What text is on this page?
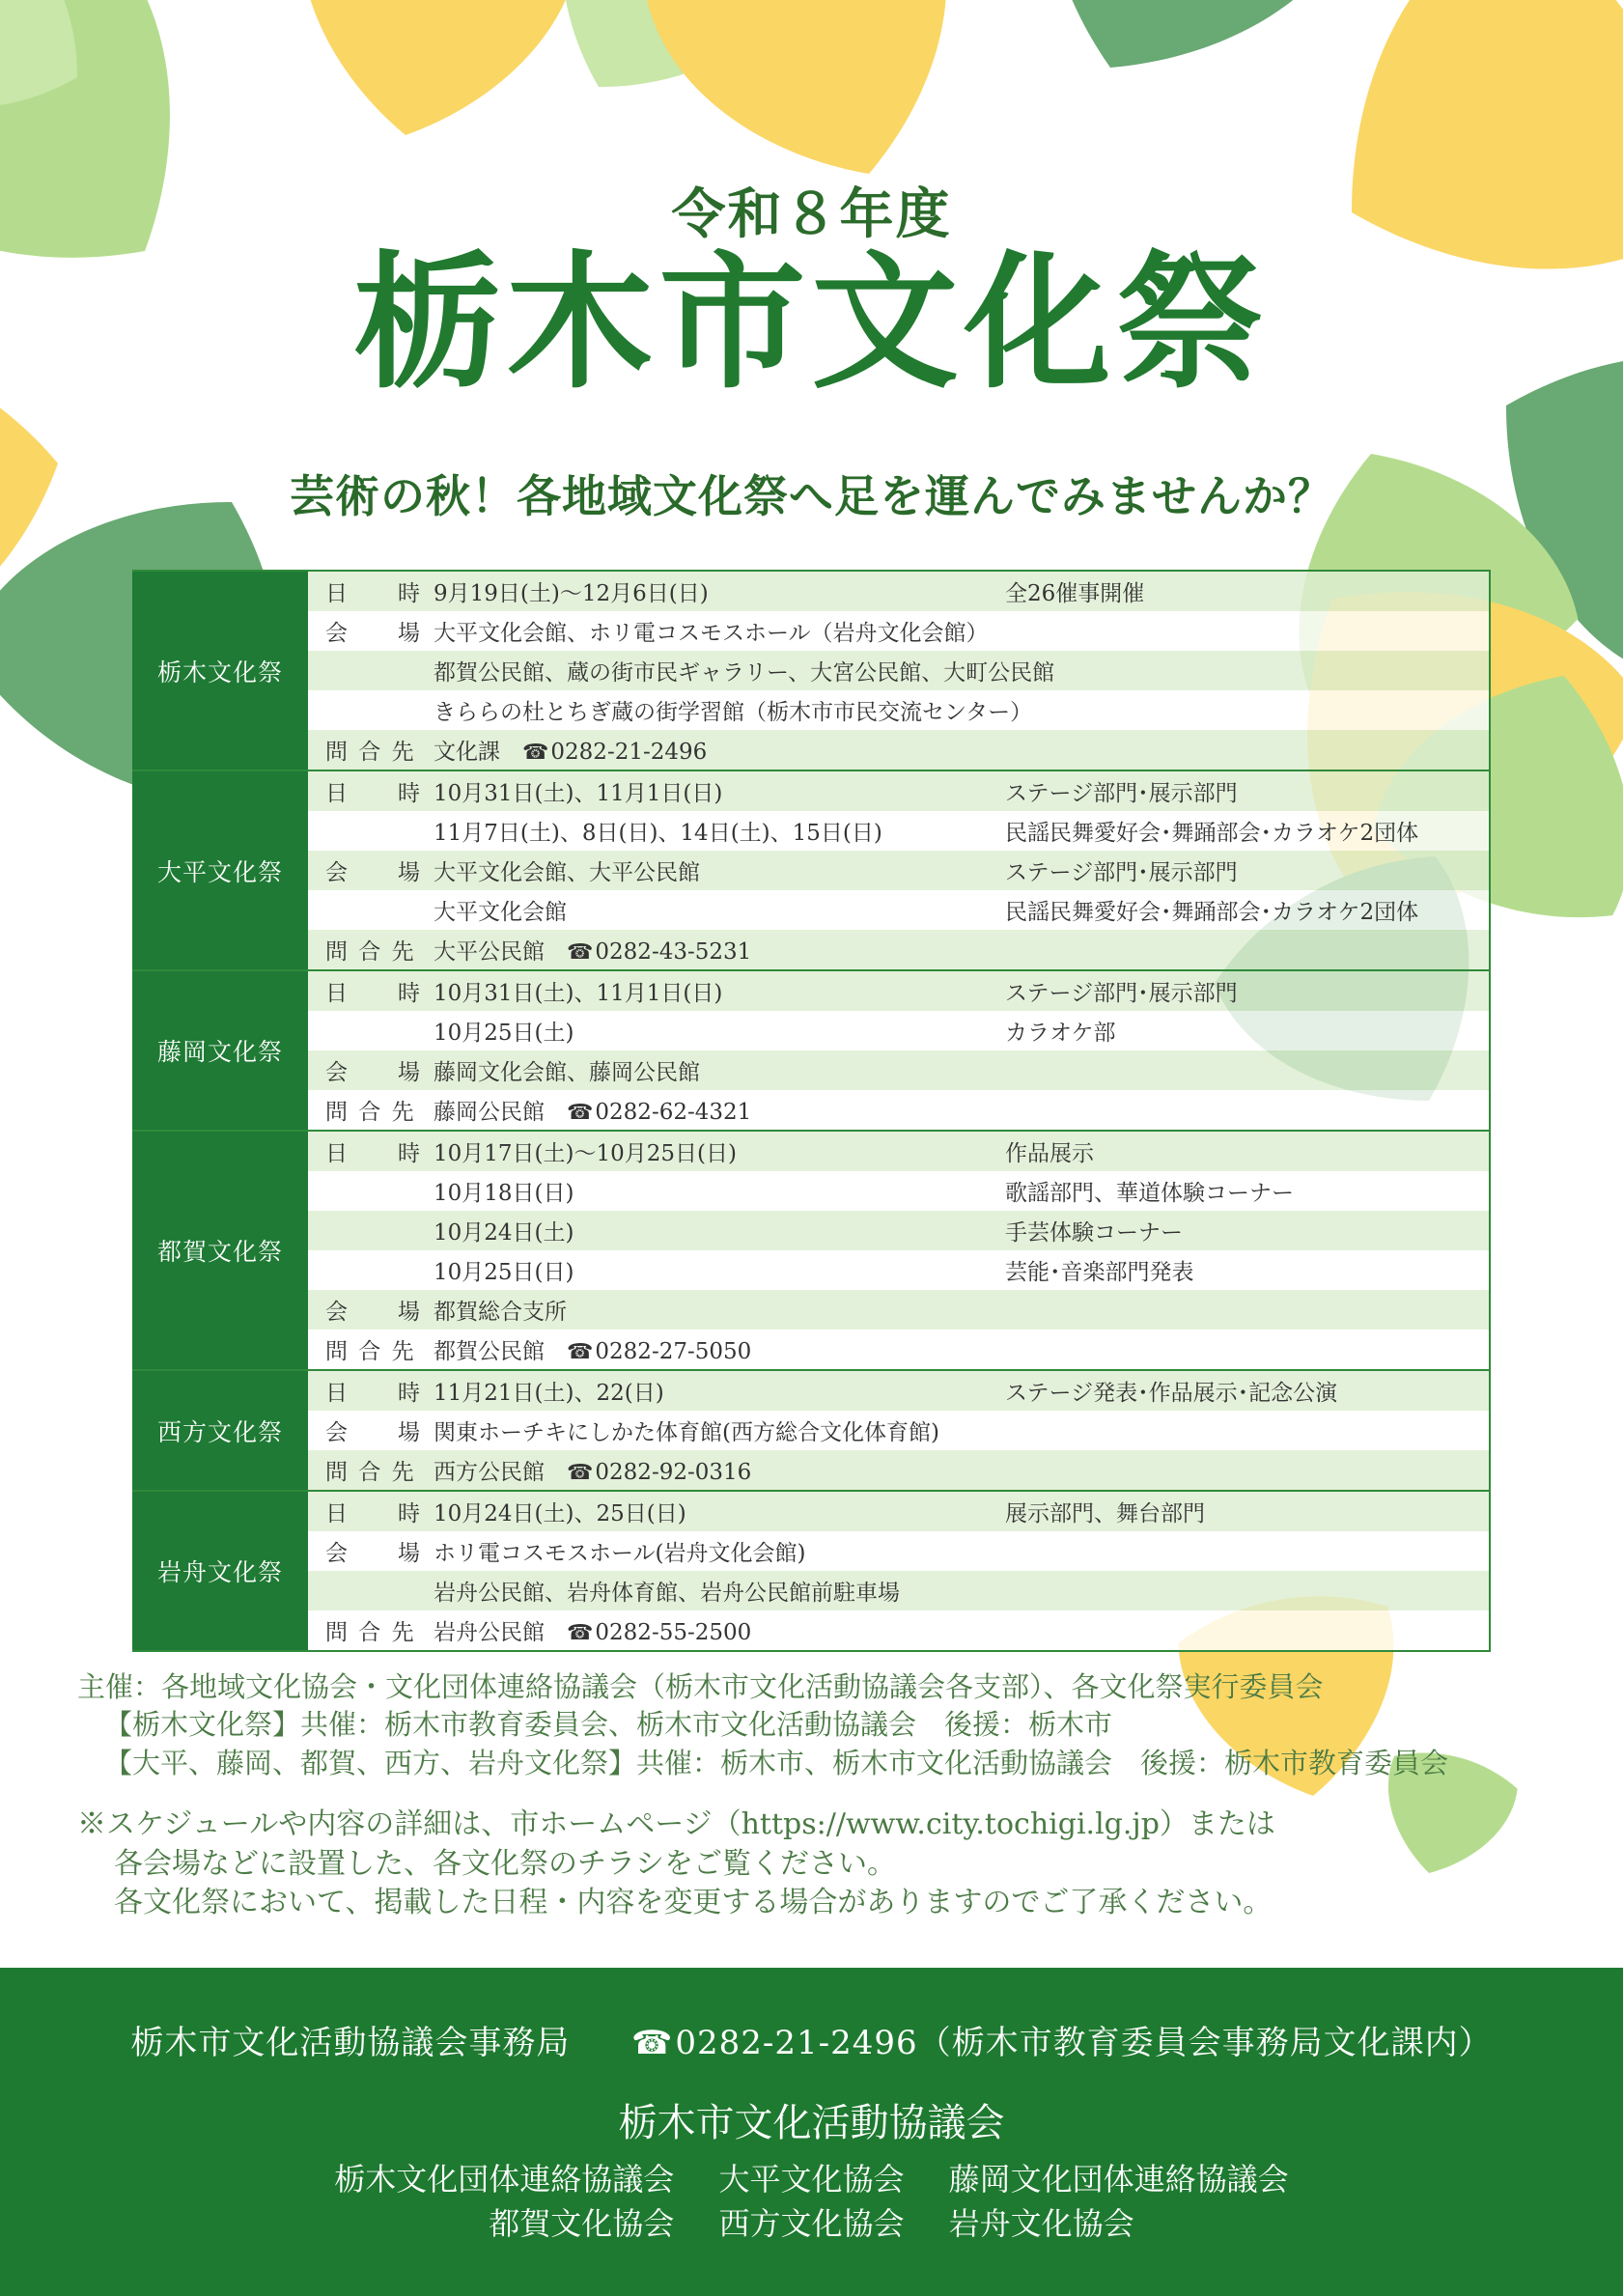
令和８年度
栃木市文化祭
芸術の秋！各地域文化祭へ足を運んでみませんか？
栃木文化祭
日　　時 9月19日(土)～12月6日(日)	全26催事開催
会　　場 大平文化会館、ホリ電コスモスホール（岩舟文化会館）
都賀公民館、蔵の街市民ギャラリー、大宮公民館、大町公民館
きららの杜とちぎ蔵の街学習館（栃木市市民交流センター）
問 合 先 文化課　 ☎ 0282-21-2496
大平文化祭
日　　時 10月31日(土)、11月1日(日)	ステージ部門･展示部門
11月7日(土)、8日(日)、14日(土)、15日(日)	民謡民舞愛好会･舞踊部会･カラオケ2団体
会　　場 大平文化会館、大平公民館	ステージ部門･展示部門
大平文化会館	民謡民舞愛好会･舞踊部会･カラオケ2団体
問 合 先 大平公民館　 ☎ 0282-43-5231
藤岡文化祭
日　　時 10月31日(土)、11月1日(日)	ステージ部門･展示部門
10月25日(土)	カラオケ部
会　　場 藤岡文化会館、藤岡公民館
問 合 先 藤岡公民館　 ☎ 0282-62-4321
都賀文化祭
日　　時 10月17日(土)～10月25日(日)	作品展示
10月18日(日)	歌謡部門、華道体験コーナー
10月24日(土)	手芸体験コーナー
10月25日(日)	芸能･音楽部門発表
会　　場 都賀総合支所
問 合 先 都賀公民館　 ☎ 0282-27-5050
西方文化祭
日　　時 11月21日(土)、22(日)	ステージ発表･作品展示･記念公演
会　　場 関東ホーチキにしかた体育館(西方総合文化体育館)
問 合 先 西方公民館　 ☎ 0282-92-0316
岩舟文化祭
日　　時 10月24日(土)、25日(日)	展示部門、舞台部門
会　　場 ホリ電コスモスホール(岩舟文化会館)
岩舟公民館、岩舟体育館、岩舟公民館前駐車場
問 合 先 岩舟公民館　 ☎ 0282-55-2500
主催：各地域文化協会・文化団体連絡協議会（栃木市文化活動協議会各支部）、各文化祭実行委員会
【栃木文化祭】共催：栃木市教育委員会、栃木市文化活動協議会　後援：栃木市
【大平、藤岡、都賀、西方、岩舟文化祭】共催：栃木市、栃木市文化活動協議会　後援：栃木市教育委員会
※スケジュールや内容の詳細は、市ホームページ（https://www.city.tochigi.lg.jp）または
各会場などに設置した、各文化祭のチラシをご覧ください。
各文化祭において、掲載した日程・内容を変更する場合がありますのでご了承ください。
栃木市文化活動協議会事務局	☎ 0282-21-2496（栃木市教育委員会事務局文化課内）
栃木市文化活動協議会
栃木文化団体連絡協議会 大平文化協会 藤岡文化団体連絡協議会
都賀文化協会 西方文化協会 岩舟文化協会
